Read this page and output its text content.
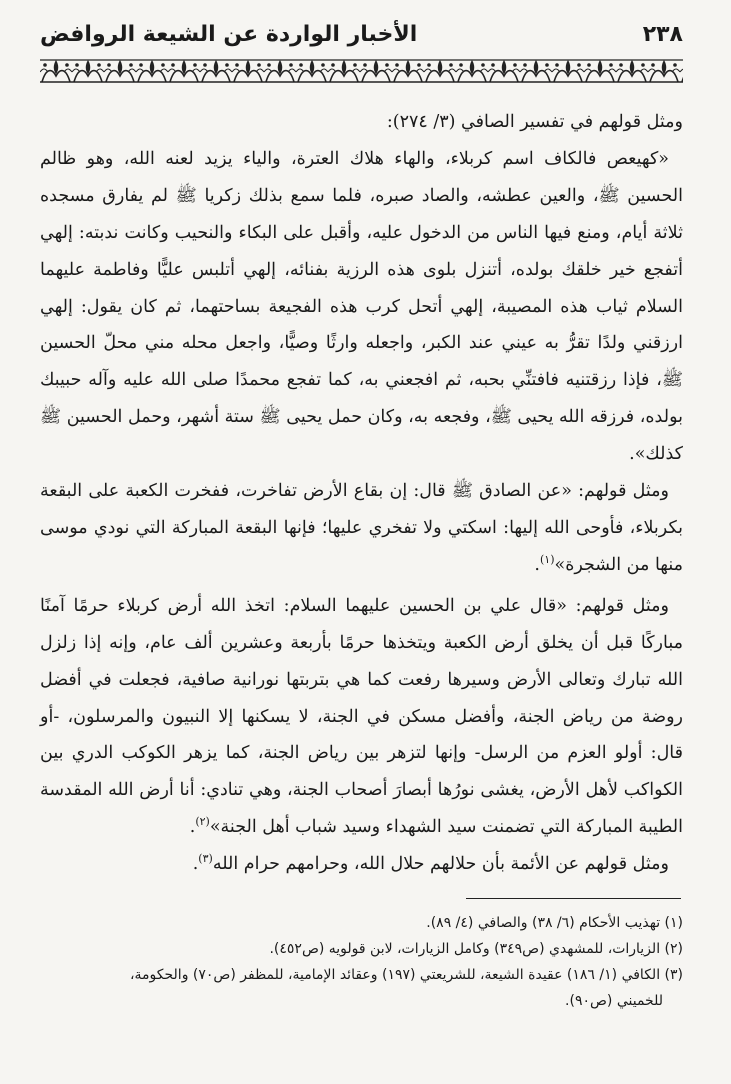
٢٣٨
الأخبار الواردة عن الشيعة الروافض

ومثل قولهم في تفسير الصافي (٣/ ٢٧٤):

«كهيعص فالكاف اسم كربلاء، والهاء هلاك العترة، والياء يزيد لعنه الله، وهو ظالم الحسين ﷺ، والعين عطشه، والصاد صبره، فلما سمع بذلك زكريا ﷺ لم يفارق مسجده ثلاثة أيام، ومنع فيها الناس من الدخول عليه، وأقبل على البكاء والنحيب وكانت ندبته: إلهي أتفجع خير خلقك بولده، أتنزل بلوى هذه الرزية بفنائه، إلهي أتلبس عليًّا وفاطمة عليهما السلام ثياب هذه المصيبة، إلهي أتحل كرب هذه الفجيعة بساحتهما، ثم كان يقول: إلهي ارزقني ولدًا تقرُّ به عيني عند الكبر، واجعله وارثًا وصيًّا، واجعل محله مني محلّ الحسين ﷺ، فإذا رزقتنيه فافتنِّي بحبه، ثم افجعني به، كما تفجع محمدًا صلى الله عليه وآله حبيبك بولده، فرزقه الله يحيى ﷺ، وفجعه به، وكان حمل يحيى ﷺ ستة أشهر، وحمل الحسين ﷺ كذلك».

ومثل قولهم: «عن الصادق ﷺ قال: إن بقاع الأرض تفاخرت، ففخرت الكعبة على البقعة بكربلاء، فأوحى الله إليها: اسكتي ولا تفخري عليها؛ فإنها البقعة المباركة التي نودي موسى منها من الشجرة»$^{(١)}$.

ومثل قولهم: «قال علي بن الحسين عليهما السلام: اتخذ الله أرض كربلاء حرمًا آمنًا مباركًا قبل أن يخلق أرض الكعبة ويتخذها حرمًا بأربعة وعشرين ألف عام، وإنه إذا زلزل الله تبارك وتعالى الأرض وسيرها رفعت كما هي بتربتها نورانية صافية، فجعلت في أفضل روضة من رياض الجنة، وأفضل مسكن في الجنة، لا يسكنها إلا النبيون والمرسلون، -أو قال: أولو العزم من الرسل- وإنها لتزهر بين رياض الجنة، كما يزهر الكوكب الدري بين الكواكب لأهل الأرض، يغشى نورُها أبصارَ أصحاب الجنة، وهي تنادي: أنا أرض الله المقدسة الطيبة المباركة التي تضمنت سيد الشهداء وسيد شباب أهل الجنة»$^{(٢)}$.

ومثل قولهم عن الأئمة بأن حلالهم حلال الله، وحرامهم حرام الله$^{(٣)}$.

(١) تهذيب الأحكام (٦/ ٣٨) والصافي (٤/ ٨٩).

(٢) الزيارات، للمشهدي (ص٣٤٩) وكامل الزيارات، لابن قولويه (ص٤٥٢).

(٣) الكافي (١/ ١٨٦) عقيدة الشيعة، للشريعتي (١٩٧) وعقائد الإمامية، للمظفر (ص٧٠) والحكومة،

للخميني (ص٩٠).
